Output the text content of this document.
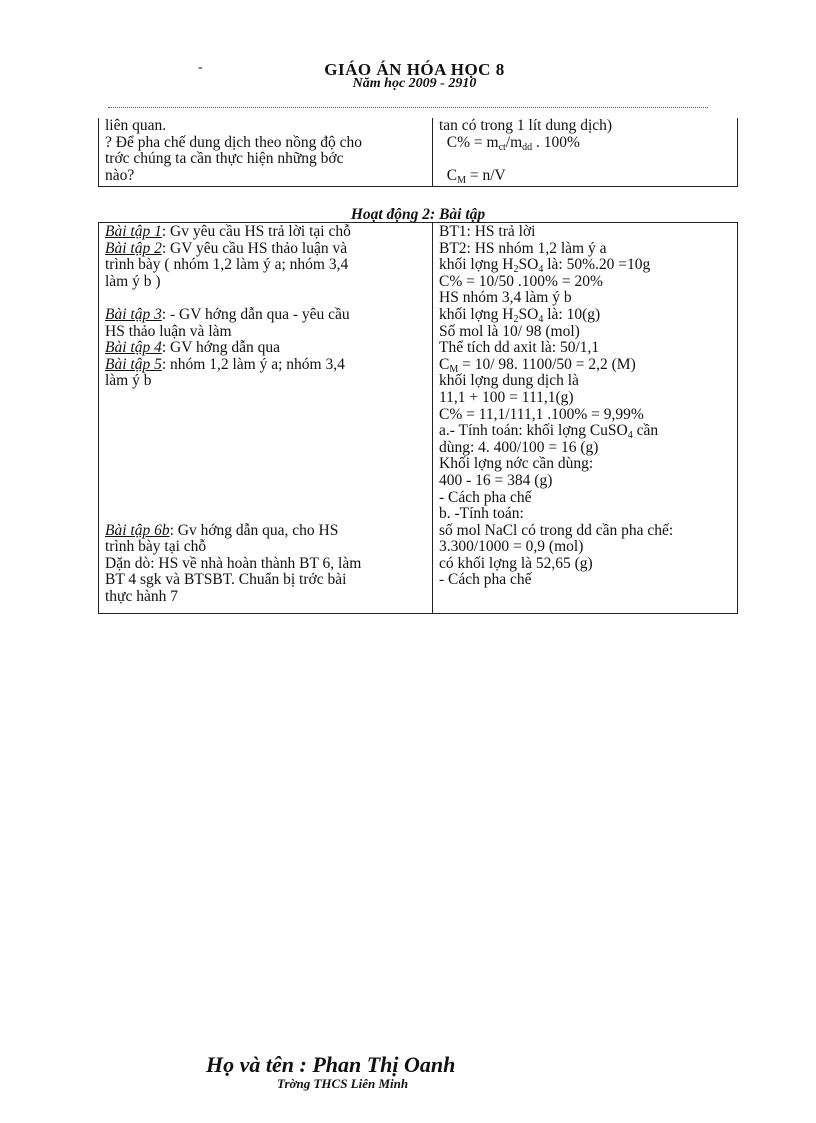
-	GIÁO ÁN HÓA HỌC 8
Năm học 2009 - 2910
liên quan.
? Để pha chế dung dịch theo nồng độ cho
trớc chúng ta cần thực hiện những bớc
nào?

tan có trong 1 lít dung dịch)
$C\% = m_{ct}/m_{dd}$ . 100%
$C_M = n/V$
Hoạt động 2: Bài tập
Bài tập 1: Gv yêu cầu HS trả lời tại chỗ
Bài tập 2: GV yêu cầu HS thảo luận và
trình bày ( nhóm 1,2 làm ý a; nhóm 3,4
làm ý b )
Bài tập 3: - GV hớng dẫn qua - yêu cầu
HS thảo luận và làm
Bài tập 4: GV hớng dẫn qua
Bài tập 5: nhóm 1,2 làm ý a; nhóm 3,4
làm ý b
Bài tập 6b: Gv hớng dẫn qua, cho HS
trình bày tại chỗ
Dặn dò: HS về nhà hoàn thành BT 6, làm
BT 4 sgk và BTSBT. Chuẩn bị trớc bài
thực hành 7

BT1: HS trả lời
BT2: HS nhóm 1,2 làm ý a
khối lợng $H_2SO_4$ là: 50%.20 =10g
C% = 10/50 .100% = 20%
HS nhóm 3,4 làm ý b
khối lợng $H_2SO_4$ là: 10(g)
Số mol là 10/ 98 (mol)
Thể tích dd axit là: 50/1,1
$C_M = 10/$ 98. 1100/50 = 2,2 (M)
khối lợng dung dịch là
11,1 + 100 = 111,1(g)
C% = 11,1/111,1 .100% = 9,99%
a.- Tính toán: khối lợng CuSO$_4$ cần
dùng: 4. 400/100 = 16 (g)
Khối lợng nớc cần dùng:
400 - 16 = 384 (g)
- Cách pha chế
b. -Tính toán:
số mol NaCl có trong dd cần pha chế:
3.300/1000 = 0,9 (mol)
có khối lợng là 52,65 (g)
- Cách pha chế
Họ và tên : Phan Thị Oanh
Trờng THCS Liên Minh
